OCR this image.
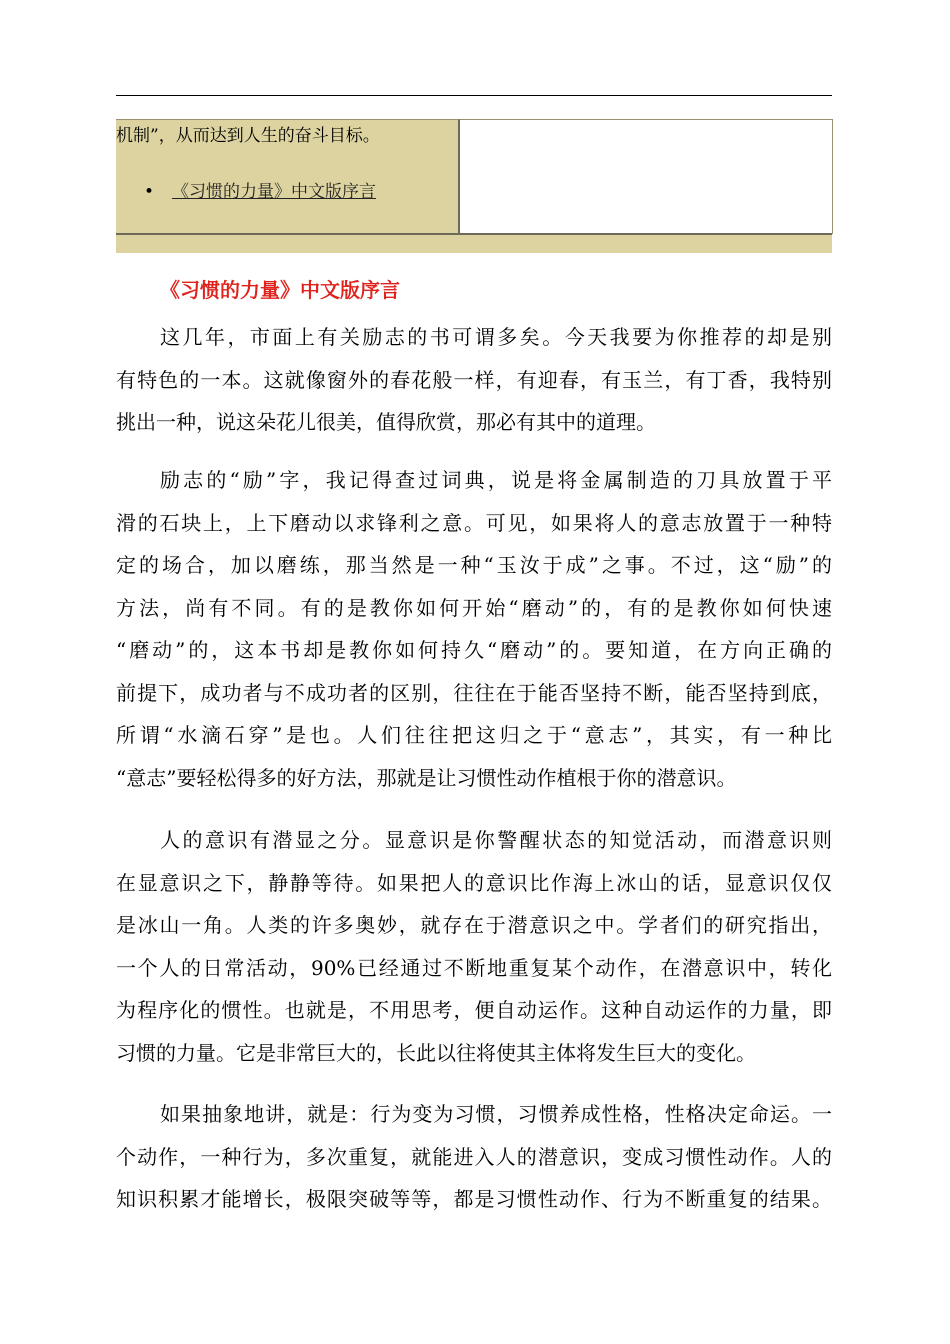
机制”，从而达到人生的奋斗目标。
• 《习惯的力量》中文版序言
《习惯的力量》中文版序言
这几年，市面上有关励志的书可谓多矣。今天我要为你推荐的却是别
有特色的一本。这就像窗外的春花般一样，有迎春，有玉兰，有丁香，我特别
挑出一种，说这朵花儿很美，值得欣赏，那必有其中的道理。
励志的“励”字，我记得查过词典，说是将金属制造的刀具放置于平
滑的石块上，上下磨动以求锋利之意。可见，如果将人的意志放置于一种特
定的场合，加以磨练，那当然是一种“玉汝于成”之事。不过，这“励”的
方法，尚有不同。有的是教你如何开始“磨动”的，有的是教你如何快速
“磨动”的，这本书却是教你如何持久“磨动”的。要知道，在方向正确的
前提下，成功者与不成功者的区别，往往在于能否坚持不断，能否坚持到底，
所谓“水滴石穿”是也。人们往往把这归之于“意志”，其实，有一种比
“意志”要轻松得多的好方法，那就是让习惯性动作植根于你的潜意识。
人的意识有潜显之分。显意识是你警醒状态的知觉活动，而潜意识则
在显意识之下，静静等待。如果把人的意识比作海上冰山的话，显意识仅仅
是冰山一角。人类的许多奥妙，就存在于潜意识之中。学者们的研究指出，
一个人的日常活动，90%已经通过不断地重复某个动作，在潜意识中，转化
为程序化的惯性。也就是，不用思考，便自动运作。这种自动运作的力量，即
习惯的力量。它是非常巨大的，长此以往将使其主体将发生巨大的变化。
如果抽象地讲，就是：行为变为习惯，习惯养成性格，性格决定命运。一
个动作，一种行为，多次重复，就能进入人的潜意识，变成习惯性动作。人的
知识积累才能增长，极限突破等等，都是习惯性动作、行为不断重复的结果。
